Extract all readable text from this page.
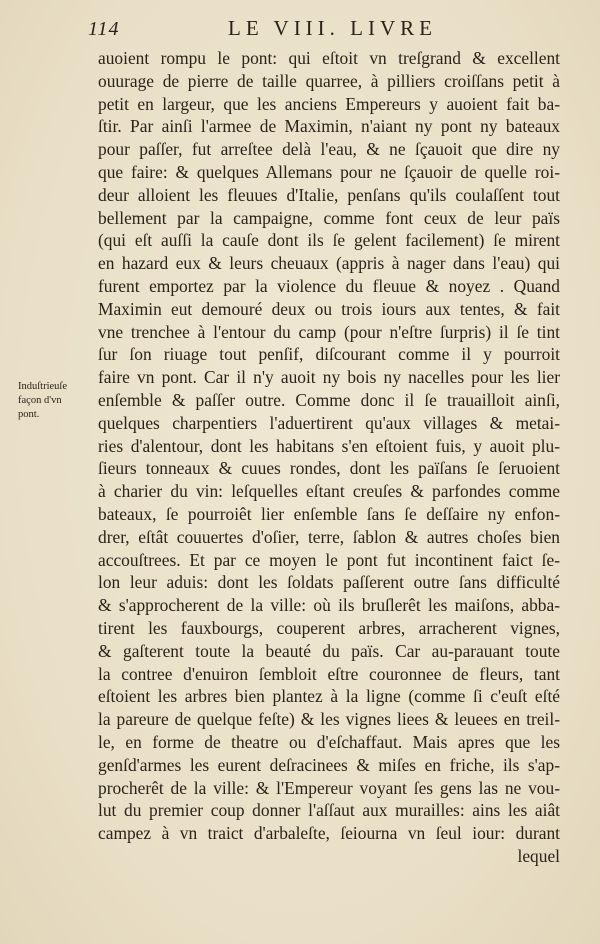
114	LE VIII. LIVRE
Induſtrieuſe
façon d'vn
pont.
auoient rompu le pont: qui eſtoit vn treſgrand & excellent
ouurage de pierre de taille quarree, à pilliers croiſſans petit à
petit en largeur, que les anciens Empereurs y auoient fait ba-
ſtir. Par ainſi l'armee de Maximin, n'aiant ny pont ny bateaux
pour paſſer, fut arreſtee delà l'eau, & ne ſçauoit que dire ny
que faire: & quelques Allemans pour ne ſçauoir de quelle roi-
deur alloient les fleuues d'Italie, penſans qu'ils coulaſſent tout
bellement par la campaigne, comme font ceux de leur païs
(qui eſt auſſi la cauſe dont ils ſe gelent facilement) ſe mirent
en hazard eux & leurs cheuaux (appris à nager dans l'eau) qui
furent emportez par la violence du fleuue & noyez . Quand
Maximin eut demouré deux ou trois iours aux tentes, & fait
vne trenchee à l'entour du camp (pour n'eſtre ſurpris) il ſe tint
ſur ſon riuage tout penſif, diſcourant comme il y pourroit
faire vn pont. Car il n'y auoit ny bois ny nacelles pour les lier
enſemble & paſſer outre. Comme donc il ſe trauailloit ainſi,
quelques charpentiers l'aduertirent qu'aux villages & metai-
ries d'alentour, dont les habitans s'en eſtoient fuis, y auoit plu-
ſieurs tonneaux & cuues rondes, dont les païſans ſe ſeruoient
à charier du vin: leſquelles eſtant creuſes & parfondes comme
bateaux, ſe pourroiêt lier enſemble ſans ſe deſſaire ny enfon-
drer, eſtât couuertes d'oſier, terre, ſablon & autres choſes bien
accouſtrees. Et par ce moyen le pont fut incontinent faict ſe-
lon leur aduis: dont les ſoldats paſſerent outre ſans difficulté
& s'approcherent de la ville: où ils bruſlerêt les maiſons, abba-
tirent les fauxbourgs, couperent arbres, arracherent vignes,
& gaſterent toute la beauté du païs. Car au-parauant toute
la contree d'enuiron ſembloit eſtre couronnee de fleurs, tant
eſtoient les arbres bien plantez à la ligne (comme ſi c'euſt eſté
la pareure de quelque feſte) & les vignes liees & leuees en treil-
le, en forme de theatre ou d'eſchaffaut. Mais apres que les
genſd'armes les eurent deſracinees & miſes en friche, ils s'ap-
procherêt de la ville: & l'Empereur voyant ſes gens las ne vou-
lut du premier coup donner l'aſſaut aux murailles: ains les aiât
campez à vn traict d'arbaleſte, ſeiourna vn ſeul iour: durant
lequel
